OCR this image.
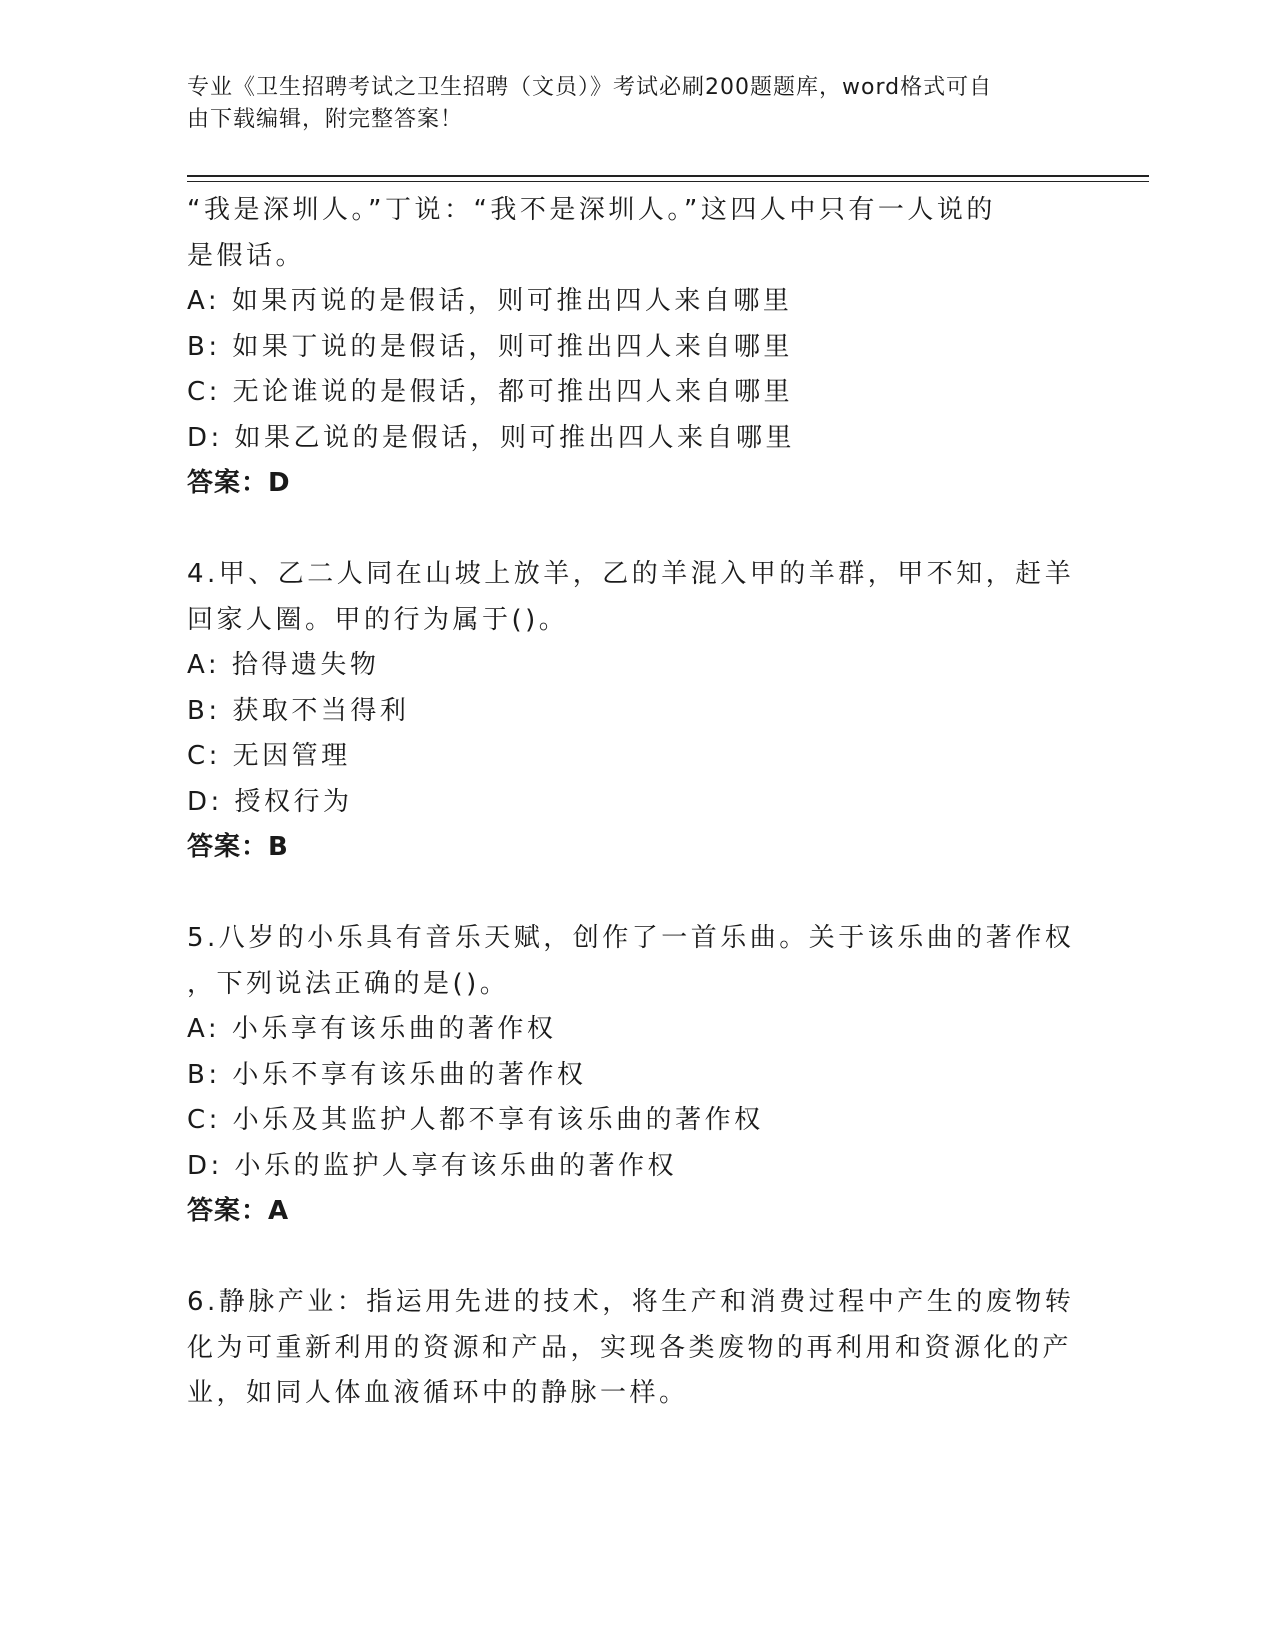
专业《卫生招聘考试之卫生招聘（文员）》考试必刷200题题库，word格式可自
由下载编辑，附完整答案！
“我是深圳人。”丁说：“我不是深圳人。”这四人中只有一人说的
是假话。
A: 如果丙说的是假话，则可推出四人来自哪里
B: 如果丁说的是假话，则可推出四人来自哪里
C: 无论谁说的是假话，都可推出四人来自哪里
D: 如果乙说的是假话，则可推出四人来自哪里
答案：D
4.甲、乙二人同在山坡上放羊，乙的羊混入甲的羊群，甲不知，赶羊
回家人圈。甲的行为属于()。
A: 拾得遗失物
B: 获取不当得利
C: 无因管理
D: 授权行为
答案：B
5.八岁的小乐具有音乐天赋，创作了一首乐曲。关于该乐曲的著作权
，下列说法正确的是()。
A: 小乐享有该乐曲的著作权
B: 小乐不享有该乐曲的著作权
C: 小乐及其监护人都不享有该乐曲的著作权
D: 小乐的监护人享有该乐曲的著作权
答案：A
6.静脉产业：指运用先进的技术，将生产和消费过程中产生的废物转
化为可重新利用的资源和产品，实现各类废物的再利用和资源化的产
业，如同人体血液循环中的静脉一样。
